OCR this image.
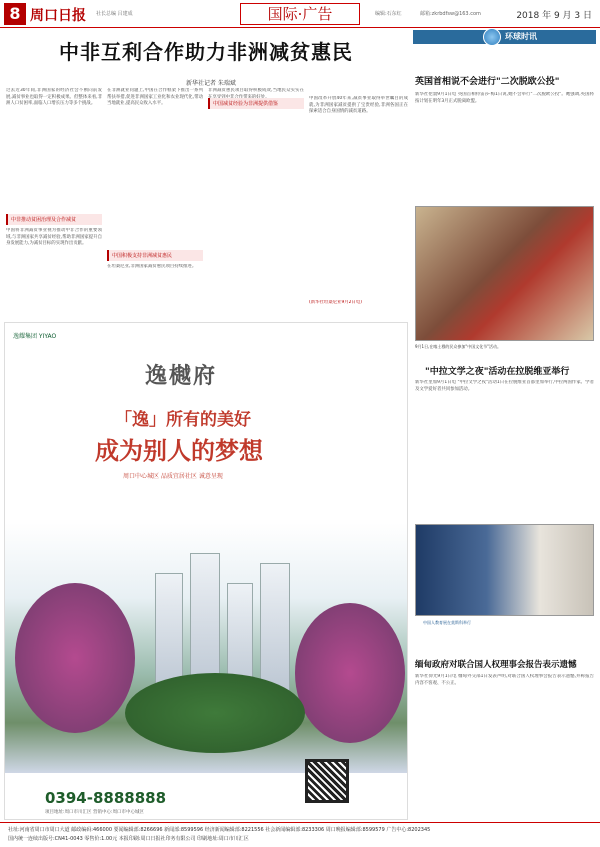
8 周口日报 社长总编 吕建成	国际·广告	编辑:石东红	邮箱:zkrbdfsw@163.com	2018 年 9 月 3 日
中非互利合作助力非洲减贫惠民
新华社记者 朱瑞斌
过去近30年间,非洲国家的经济社会不断向前发展,减贫事业也取得一定积极成果。但整体来看,非洲人口贫困率,面临人口增长压力等多个挑战。
中非推动贫困治理及合作减贫
中国将非洲减贫事业视为推动中非合作的重要领域,与非洲国家共享减贫经验,帮助非洲国家提升自身发展能力,为减贫目标的实现作出贡献。
在非洲就业问题上,中国在合作框架下推出一系列帮扶举措,促进非洲国家工业化和农业现代化,带动当地就业,提高民众收入水平。
中国积极支持非洲减贫惠民
在坦桑尼亚,非洲国家减贫惠民项目持续推进。
非洲减贫惠民项目取得积极成效,当地民众实实在
中国减贫经验为非洲提供借鉴
中国改革开放40年来,减贫事业取得举世瞩目的成就,为非洲国家减贫提供了宝贵经验,非洲各国正在探索适合自身国情的减贫道路。
(新华社坦桑尼亚9月2日电)
逸耀集团 YIYAO
逸樾府
「逸」所有的美好
成为别人的梦想
周口中心城区 品质宜居社区 诚意呈现
0394-8888888
项目地址:周口市川汇区 营销中心:周口市中心城区
环球时讯
英国首相说不会进行"二次脱欧公投"
新华社伦敦9月1日电 英国首相特雷莎·梅1日说,她不会举行"二次脱欧公投"。她强调,英国将按计划在明年3月正式脱离欧盟。
9月1日,在喀土穆的民众参加"中国文化节"活动。
"中拉文学之夜"活动在拉脱维亚举行
新华社里加9月1日电 "中拉文学之夜"活动1日在拉脱维亚首都里加举行,中拉两国作家、学者及文学爱好者共同参加活动。
中国人教育展在莫斯科举行
缅甸政府对联合国人权理事会报告表示遗憾
新华社仰光9月1日电 缅甸外交部1日发表声明,对联合国人权理事会报告表示遗憾,并称报告内容不客观、不公正。
社址:河南省周口市周口大道 邮政编码:466000 要闻编辑部:8266696 新闻部:8599596 经济新闻编辑部:8221556 社会新闻编辑部:8233306 周口晚报编辑部:8599579 广告中心:8202345
国内统一连续出版号:CN41-0043 零售价:1.00元 本报印刷:周口日报社印务有限公司 印刷地址:周口市川汇区
